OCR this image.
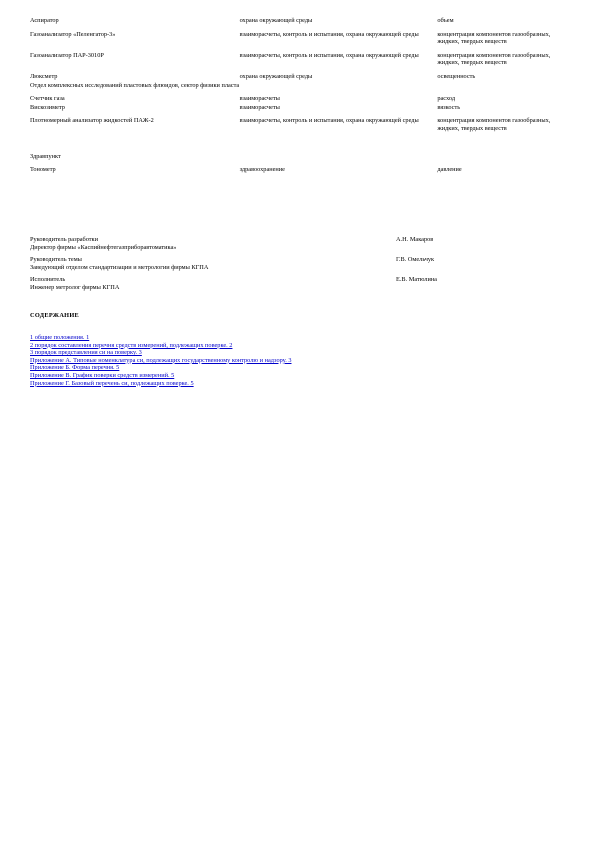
Аспиратор	охрана окружающей среды	объем
Газоанализатор «Пеленгатор-3»	взаиморасчеты, контроль и испытания, охрана окружающей среды	концентрация компонентов газообразных, жидких, твердых веществ
Газоанализатор ПАР-3010Р	взаиморасчеты, контроль и испытания, охрана окружающей среды	концентрация компонентов газообразных, жидких, твердых веществ
Люксметр	охрана окружающей среды	освещенность
Отдел комплексных исследований пластовых флюидов, сектор физики пласта		
Счетчик газа	взаиморасчеты	расход
Вискозиметр	взаиморасчеты	вязкость
Плотномерный анализатор жидкостей ПАЖ-2	взаиморасчеты, контроль и испытания, охрана окружающей среды	концентрация компонентов газообразных, жидких, твердых веществ
Здравпункт		
Тонометр	здравоохранение	давление
Руководитель разработки
Директор фирмы «Каспийнефтегазприборавтоматика»
А.Н. Макаров
Руководитель темы
Заведующий отделом стандартизации и метрологии фирмы КГПА
Г.В. Омельчук
Исполнитель
Инженер метролог фирмы КГПА
Е.В. Матюлина
СОДЕРЖАНИЕ
1 общие положения. 1
2 порядок составления перечня средств измерений, подлежащих поверке. 2
3 порядок представления си на поверку. 3
Приложение А. Типовые номенклатура си, подлежащих государственному контролю и надзору. 3
Приложение Б. Форма перечня. 5
Приложение В. График поверки средств измерений. 5
Приложение Г. Базовый перечень си, подлежащих поверке. 5
